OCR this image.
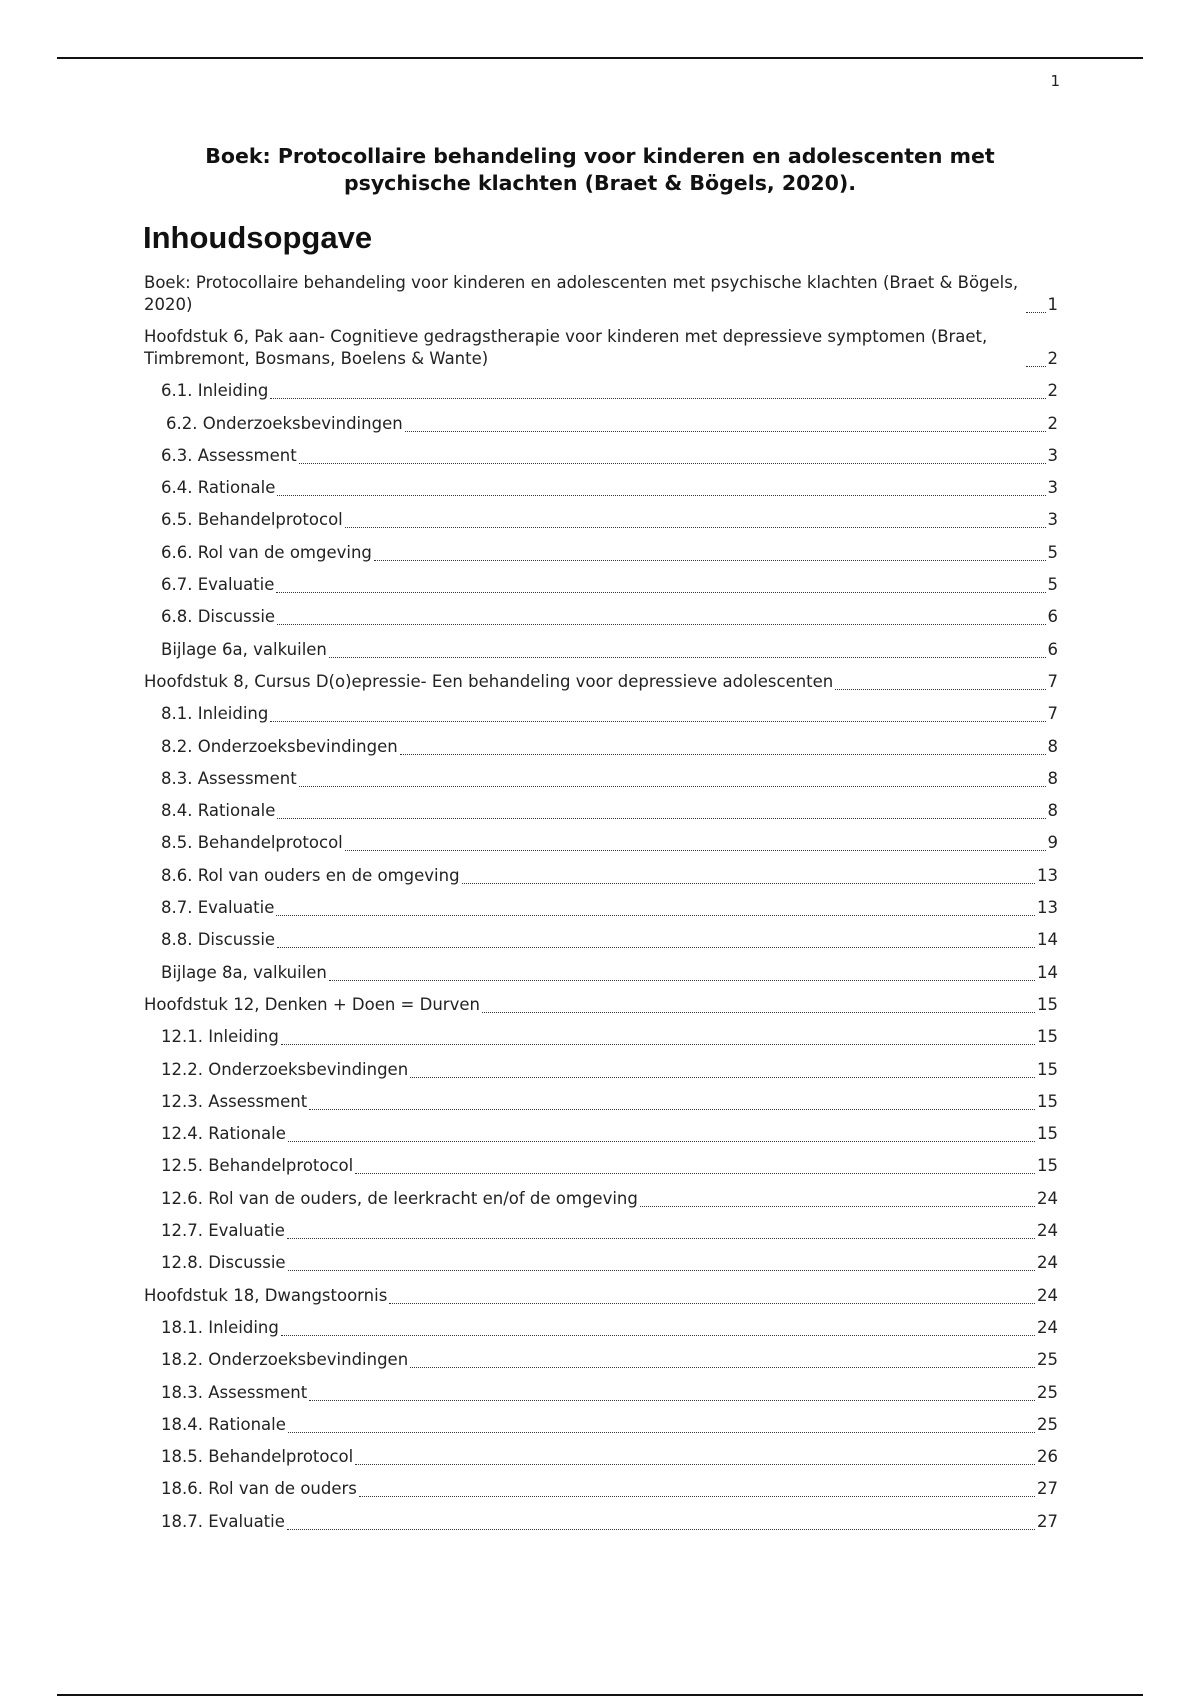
1
Boek: Protocollaire behandeling voor kinderen en adolescenten met psychische klachten (Braet & Bögels, 2020).
Inhoudsopgave
Boek: Protocollaire behandeling voor kinderen en adolescenten met psychische klachten (Braet & Bögels, 2020)	1
Hoofdstuk 6, Pak aan- Cognitieve gedragstherapie voor kinderen met depressieve symptomen (Braet, Timbremont, Bosmans, Boelens & Wante)	2
6.1. Inleiding	2
6.2. Onderzoeksbevindingen	2
6.3. Assessment	3
6.4. Rationale	3
6.5. Behandelprotocol	3
6.6. Rol van de omgeving	5
6.7. Evaluatie	5
6.8. Discussie	6
Bijlage 6a, valkuilen	6
Hoofdstuk 8, Cursus D(o)epressie- Een behandeling voor depressieve adolescenten	7
8.1. Inleiding	7
8.2. Onderzoeksbevindingen	8
8.3. Assessment	8
8.4. Rationale	8
8.5. Behandelprotocol	9
8.6. Rol van ouders en de omgeving	13
8.7. Evaluatie	13
8.8. Discussie	14
Bijlage 8a, valkuilen	14
Hoofdstuk 12, Denken + Doen = Durven	15
12.1. Inleiding	15
12.2. Onderzoeksbevindingen	15
12.3. Assessment	15
12.4. Rationale	15
12.5. Behandelprotocol	15
12.6. Rol van de ouders, de leerkracht en/of de omgeving	24
12.7. Evaluatie	24
12.8. Discussie	24
Hoofdstuk 18, Dwangstoornis	24
18.1. Inleiding	24
18.2. Onderzoeksbevindingen	25
18.3. Assessment	25
18.4. Rationale	25
18.5. Behandelprotocol	26
18.6. Rol van de ouders	27
18.7. Evaluatie	27
